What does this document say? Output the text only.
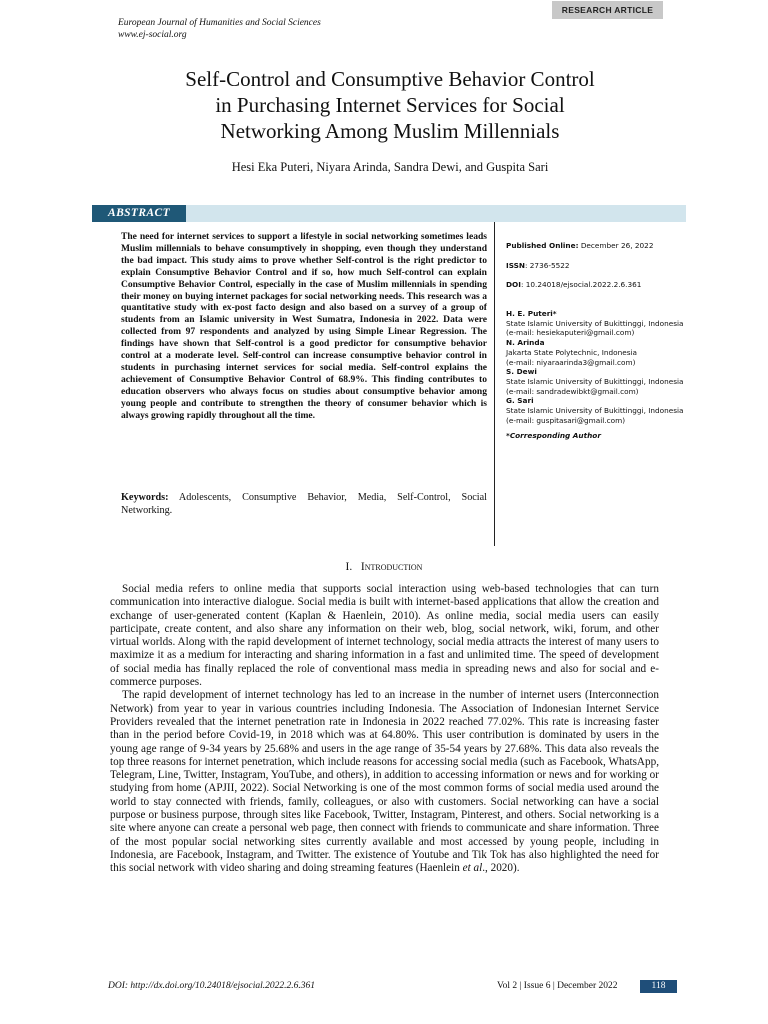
European Journal of Humanities and Social Sciences
www.ej-social.org
RESEARCH ARTICLE
Self-Control and Consumptive Behavior Control
in Purchasing Internet Services for Social
Networking Among Muslim Millennials
Hesi Eka Puteri, Niyara Arinda, Sandra Dewi, and Guspita Sari
ABSTRACT
The need for internet services to support a lifestyle in social networking sometimes leads Muslim millennials to behave consumptively in shopping, even though they understand the bad impact. This study aims to prove whether Self-control is the right predictor to explain Consumptive Behavior Control and if so, how much Self-control can explain Consumptive Behavior Control, especially in the case of Muslim millennials in spending their money on buying internet packages for social networking needs. This research was a quantitative study with ex-post facto design and also based on a survey of a group of students from an Islamic university in West Sumatra, Indonesia in 2022. Data were collected from 97 respondents and analyzed by using Simple Linear Regression. The findings have shown that Self-control is a good predictor for consumptive behavior control at a moderate level. Self-control can increase consumptive behavior control in students in purchasing internet services for social media. Self-control explains the achievement of Consumptive Behavior Control of 68.9%. This finding contributes to education observers who always focus on studies about consumptive behavior among young people and contribute to strengthen the theory of consumer behavior which is always growing rapidly throughout all the time.
Keywords: Adolescents, Consumptive Behavior, Media, Self-Control, Social Networking.
Published Online: December 26, 2022
ISSN: 2736-5522
DOI: 10.24018/ejsocial.2022.2.6.361
H. E. Puteri*
State Islamic University of Bukittinggi, Indonesia
(e-mail: hesiekaputeri@gmail.com)
N. Arinda
Jakarta State Polytechnic, Indonesia
(e-mail: niyaraarinda3@gmail.com)
S. Dewi
State Islamic University of Bukittinggi, Indonesia
(e-mail: sandradewibkt@gmail.com)
G. Sari
State Islamic University of Bukittinggi, Indonesia
(e-mail: guspitasari@gmail.com)
*Corresponding Author
I. Introduction

Social media refers to online media that supports social interaction using web-based technologies that can turn communication into interactive dialogue. Social media is built with internet-based applications that allow the creation and exchange of user-generated content (Kaplan & Haenlein, 2010). As online media, social media users can easily participate, create content, and also share any information on their web, blog, social network, wiki, forum, and other virtual worlds. Along with the rapid development of internet technology, social media attracts the interest of many users to maximize it as a medium for interacting and sharing information in a fast and unlimited time. The speed of development of social media has finally replaced the role of conventional mass media in spreading news and also for social and e-commerce purposes.

The rapid development of internet technology has led to an increase in the number of internet users (Interconnection Network) from year to year in various countries including Indonesia. The Association of Indonesian Internet Service Providers revealed that the internet penetration rate in Indonesia in 2022 reached 77.02%. This rate is increasing faster than in the period before Covid-19, in 2018 which was at 64.80%. This user contribution is dominated by users in the young age range of 9-34 years by 25.68% and users in the age range of 35-54 years by 27.68%. This data also reveals the top three reasons for internet penetration, which include reasons for accessing social media (such as Facebook, WhatsApp, Telegram, Line, Twitter, Instagram, YouTube, and others), in addition to accessing information or news and for working or studying from home (APJII, 2022). Social Networking is one of the most common forms of social media used around the world to stay connected with friends, family, colleagues, or also with customers. Social networking can have a social purpose or business purpose, through sites like Facebook, Twitter, Instagram, Pinterest, and others. Social networking is a site where anyone can create a personal web page, then connect with friends to communicate and share information. Three of the most popular social networking sites currently available and most accessed by young people, including in Indonesia, are Facebook, Instagram, and Twitter. The existence of Youtube and Tik Tok has also highlighted the need for this social network with video sharing and doing streaming features (Haenlein et al., 2020).

DOI: http://dx.doi.org/10.24018/ejsocial.2022.2.6.361	Vol 2 | Issue 6 | December 2022	118
